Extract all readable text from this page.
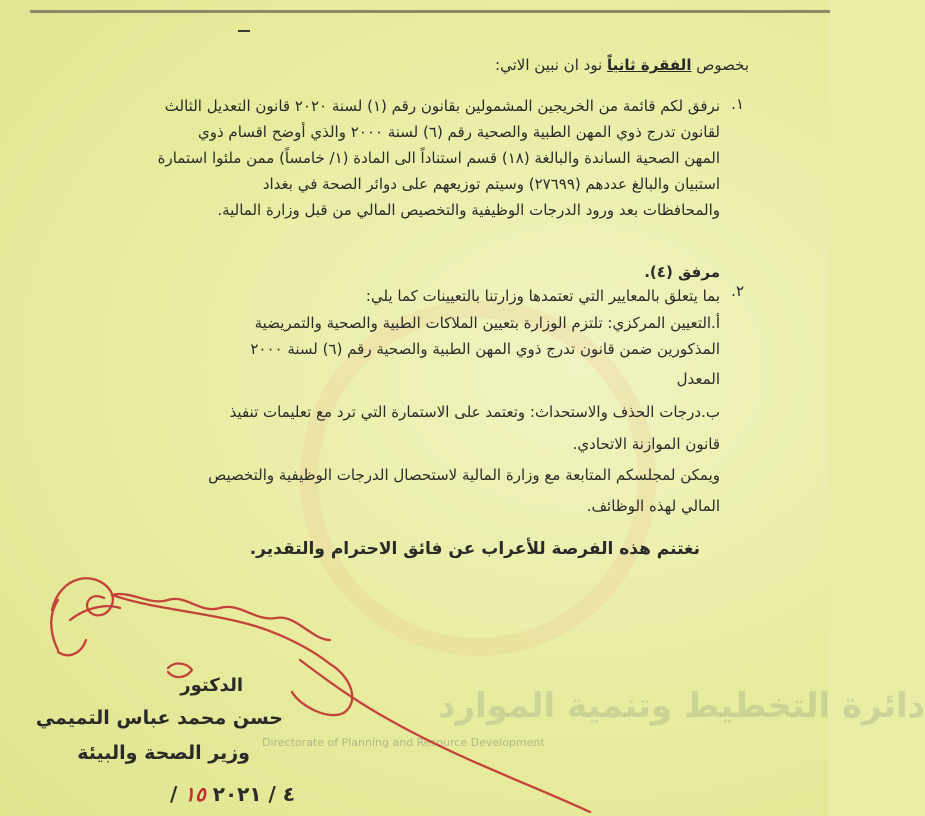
دائرة التخطيط وتنمية الموارد
Directorate of Planning and Resource Development
بخصوص الفقرة ثانياً نود ان نبين الاتي:
١.
نرفق لكم قائمة من الخريجين المشمولين بقانون رقم (١) لسنة ٢٠٢٠ قانون التعديل الثالث
لقانون تدرج ذوي المهن الطبية والصحية رقم (٦) لسنة ٢٠٠٠ والذي أوضح اقسام ذوي
المهن الصحية الساندة والبالغة (١٨) قسم استناداً الى المادة (١/ خامساً) ممن ملئوا استمارة
استبيان والبالغ عددهم (٢٧٦٩٩) وسيتم توزيعهم على دوائر الصحة في بغداد
والمحافظات بعد ورود الدرجات الوظيفية والتخصيص المالي من قبل وزارة المالية.
مرفق (٤).
٢.
بما يتعلق بالمعايير التي تعتمدها وزارتنا بالتعيينات كما يلي:
أ.التعيين المركزي: تلتزم الوزارة بتعيين الملاكات الطبية والصحية والتمريضية
المذكورين ضمن قانون تدرج ذوي المهن الطبية والصحية رقم (٦) لسنة ٢٠٠٠
المعدل
ب.درجات الحذف والاستحداث: وتعتمد على الاستمارة التي ترد مع تعليمات تنفيذ
قانون الموازنة الاتحادي.
ويمكن لمجلسكم المتابعة مع وزارة المالية لاستحصال الدرجات الوظيفية والتخصيص
المالي لهذه الوظائف.
نغتنم هذه الفرصة للأعراب عن فائق الاحترام والتقدير.
الدكتور
حسن محمد عباس التميمي
وزير الصحة والبيئة
/ ٤ / ٢٠٢١ ١٥
